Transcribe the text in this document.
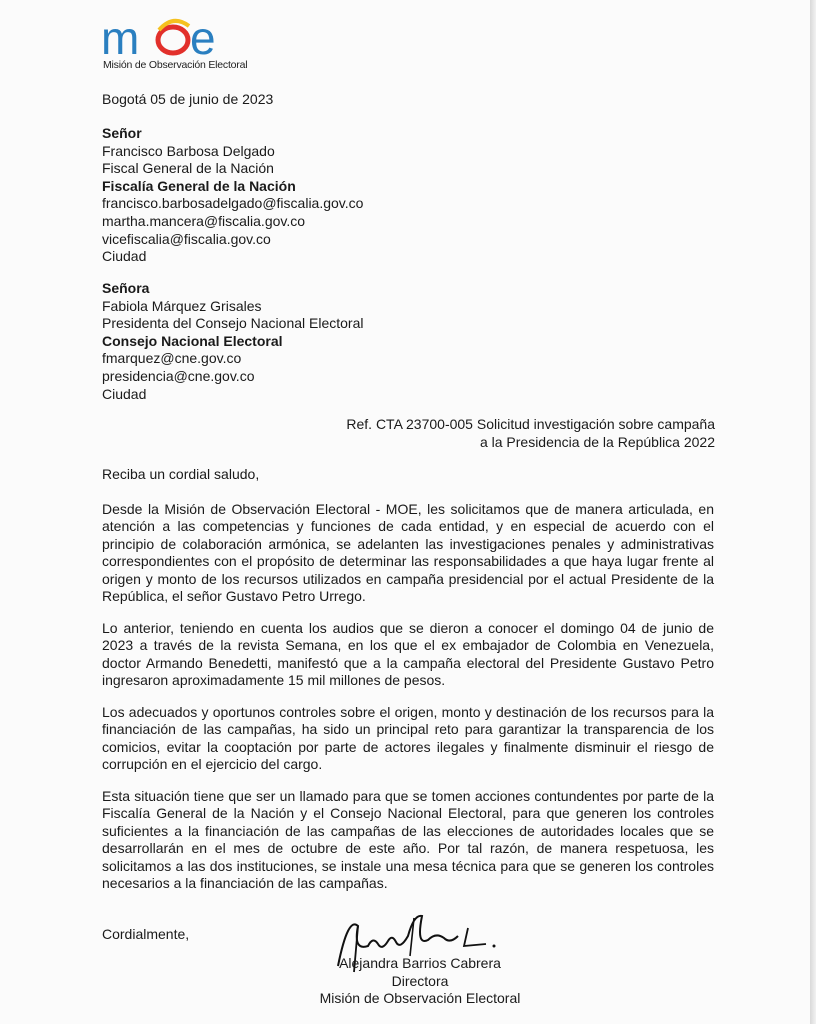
m e
Misión de Observación Electoral
Bogotá 05 de junio de 2023
Señor
Francisco Barbosa Delgado
Fiscal General de la Nación
Fiscalía General de la Nación
francisco.barbosadelgado@fiscalia.gov.co
martha.mancera@fiscalia.gov.co
vicefiscalia@fiscalia.gov.co
Ciudad
Señora
Fabiola Márquez Grisales
Presidenta del Consejo Nacional Electoral
Consejo Nacional Electoral
fmarquez@cne.gov.co
presidencia@cne.gov.co
Ciudad
Ref. CTA 23700-005 Solicitud investigación sobre campaña
a la Presidencia de la República 2022
Reciba un cordial saludo,

Desde la Misión de Observación Electoral - MOE, les solicitamos que de manera articulada, en atención a las competencias y funciones de cada entidad, y en especial de acuerdo con el principio de colaboración armónica, se adelanten las investigaciones penales y administrativas correspondientes con el propósito de determinar las responsabilidades a que haya lugar frente al origen y monto de los recursos utilizados en campaña presidencial por el actual Presidente de la República, el señor Gustavo Petro Urrego.

Lo anterior, teniendo en cuenta los audios que se dieron a conocer el domingo 04 de junio de 2023 a través de la revista Semana, en los que el ex embajador de Colombia en Venezuela, doctor Armando Benedetti, manifestó que a la campaña electoral del Presidente Gustavo Petro ingresaron aproximadamente 15 mil millones de pesos.

Los adecuados y oportunos controles sobre el origen, monto y destinación de los recursos para la financiación de las campañas, ha sido un principal reto para garantizar la transparencia de los comicios, evitar la cooptación por parte de actores ilegales y finalmente disminuir el riesgo de corrupción en el ejercicio del cargo.

Esta situación tiene que ser un llamado para que se tomen acciones contundentes por parte de la Fiscalía General de la Nación y el Consejo Nacional Electoral, para que generen los controles suficientes a la financiación de las campañas de las elecciones de autoridades locales que se desarrollarán en el mes de octubre de este año. Por tal razón, de manera respetuosa, les solicitamos a las dos instituciones, se instale una mesa técnica para que se generen los controles necesarios a la financiación de las campañas.

Cordialmente,
Alejandra Barrios Cabrera
Directora
Misión de Observación Electoral
